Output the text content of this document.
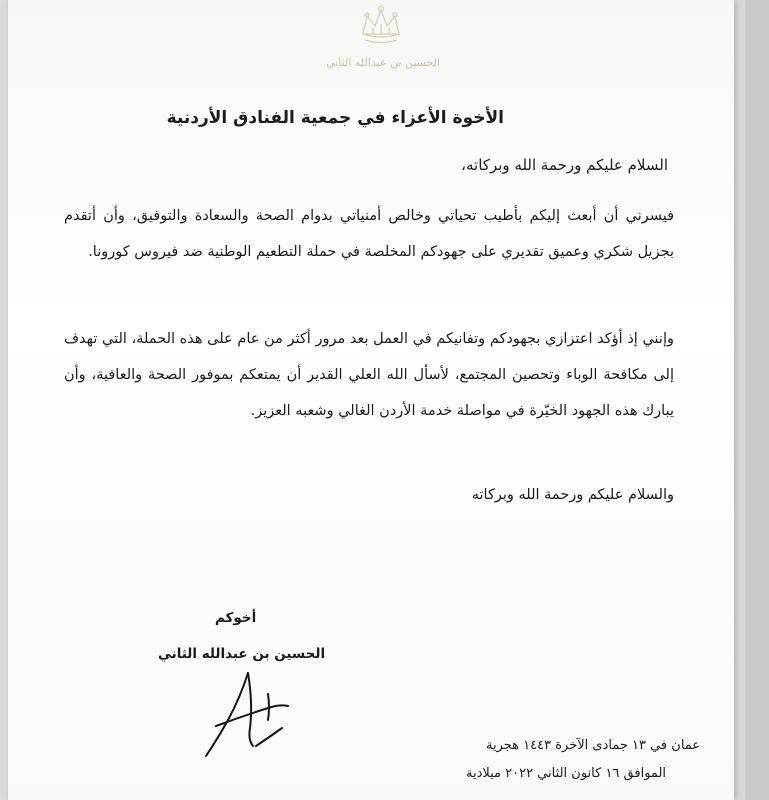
الحسين بن عبدالله الثاني
الأخوة الأعزاء في جمعية الفنادق الأردنية
السلام عليكم ورحمة الله وبركاته،
فيسرني أن أبعث إليكم بأطيب تحياتي وخالص أمنياتي بدوام الصحة والسعادة والتوفيق، وأن أتقدم بجزيل شكري وعميق تقديري على جهودكم المخلصة في حملة التطعيم الوطنية ضد فيروس كورونا.
وإنني إذ أؤكد اعتزازي بجهودكم وتفانيكم في العمل بعد مرور أكثر من عام على هذه الحملة، التي تهدف إلى مكافحة الوباء وتحصين المجتمع، لأسأل الله العلي القدير أن يمتعكم بموفور الصحة والعافية، وأن يبارك هذه الجهود الخيّرة في مواصلة خدمة الأردن الغالي وشعبه العزيز.
والسلام عليكم ورحمة الله وبركاته
أخوكم
الحسين بن عبدالله الثاني
عمان في ١٣ جمادى الآخرة ١٤٤٣ هجرية
الموافق ١٦ كانون الثاني ٢٠٢٢ ميلادية
